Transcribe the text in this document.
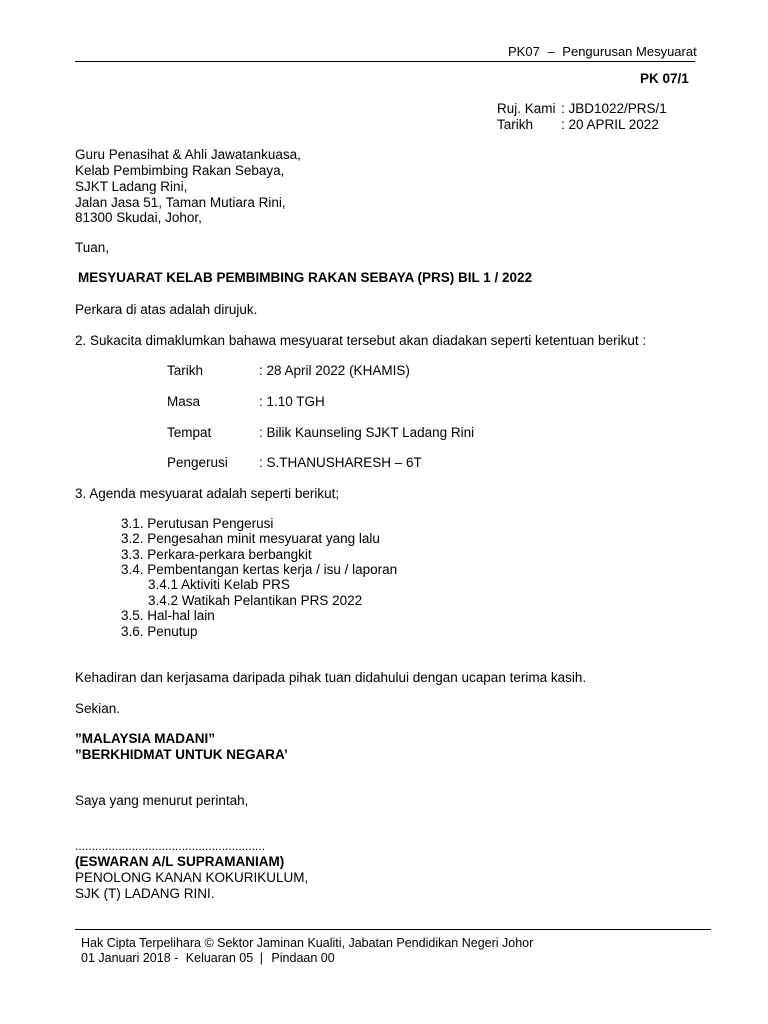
PK07 – Pengurusan Mesyuarat
PK 07/1
Ruj. Kami : JBD1022/PRS/1
Tarikh : 20 APRIL 2022
Guru Penasihat & Ahli Jawatankuasa,
Kelab Pembimbing Rakan Sebaya,
SJKT Ladang Rini,
Jalan Jasa 51, Taman Mutiara Rini,
81300 Skudai, Johor,
Tuan,
MESYUARAT KELAB PEMBIMBING RAKAN SEBAYA (PRS) BIL 1 / 2022
Perkara di atas adalah dirujuk.
2. Sukacita dimaklumkan bahawa mesyuarat tersebut akan diadakan seperti ketentuan berikut :
Tarikh	: 28 April 2022 (KHAMIS)
Masa	: 1.10 TGH
Tempat	: Bilik Kaunseling SJKT Ladang Rini
Pengerusi : S.THANUSHARESH – 6T
3. Agenda mesyuarat adalah seperti berikut;
3.1. Perutusan Pengerusi
3.2. Pengesahan minit mesyuarat yang lalu
3.3. Perkara-perkara berbangkit
3.4. Pembentangan kertas kerja / isu / laporan
3.4.1 Aktiviti Kelab PRS
3.4.2 Watikah Pelantikan PRS 2022
3.5. Hal-hal lain
3.6. Penutup
Kehadiran dan kerjasama daripada pihak tuan didahului dengan ucapan terima kasih.
Sekian.
”MALAYSIA MADANI”
”BERKHIDMAT UNTUK NEGARA’
Saya yang menurut perintah,
.........................................................
(ESWARAN A/L SUPRAMANIAM)
PENOLONG KANAN KOKURIKULUM,
SJK (T) LADANG RINI.
Hak Cipta Terpelihara © Sektor Jaminan Kualiti, Jabatan Pendidikan Negeri Johor
01 Januari 2018 - Keluaran 05 | Pindaan 00
